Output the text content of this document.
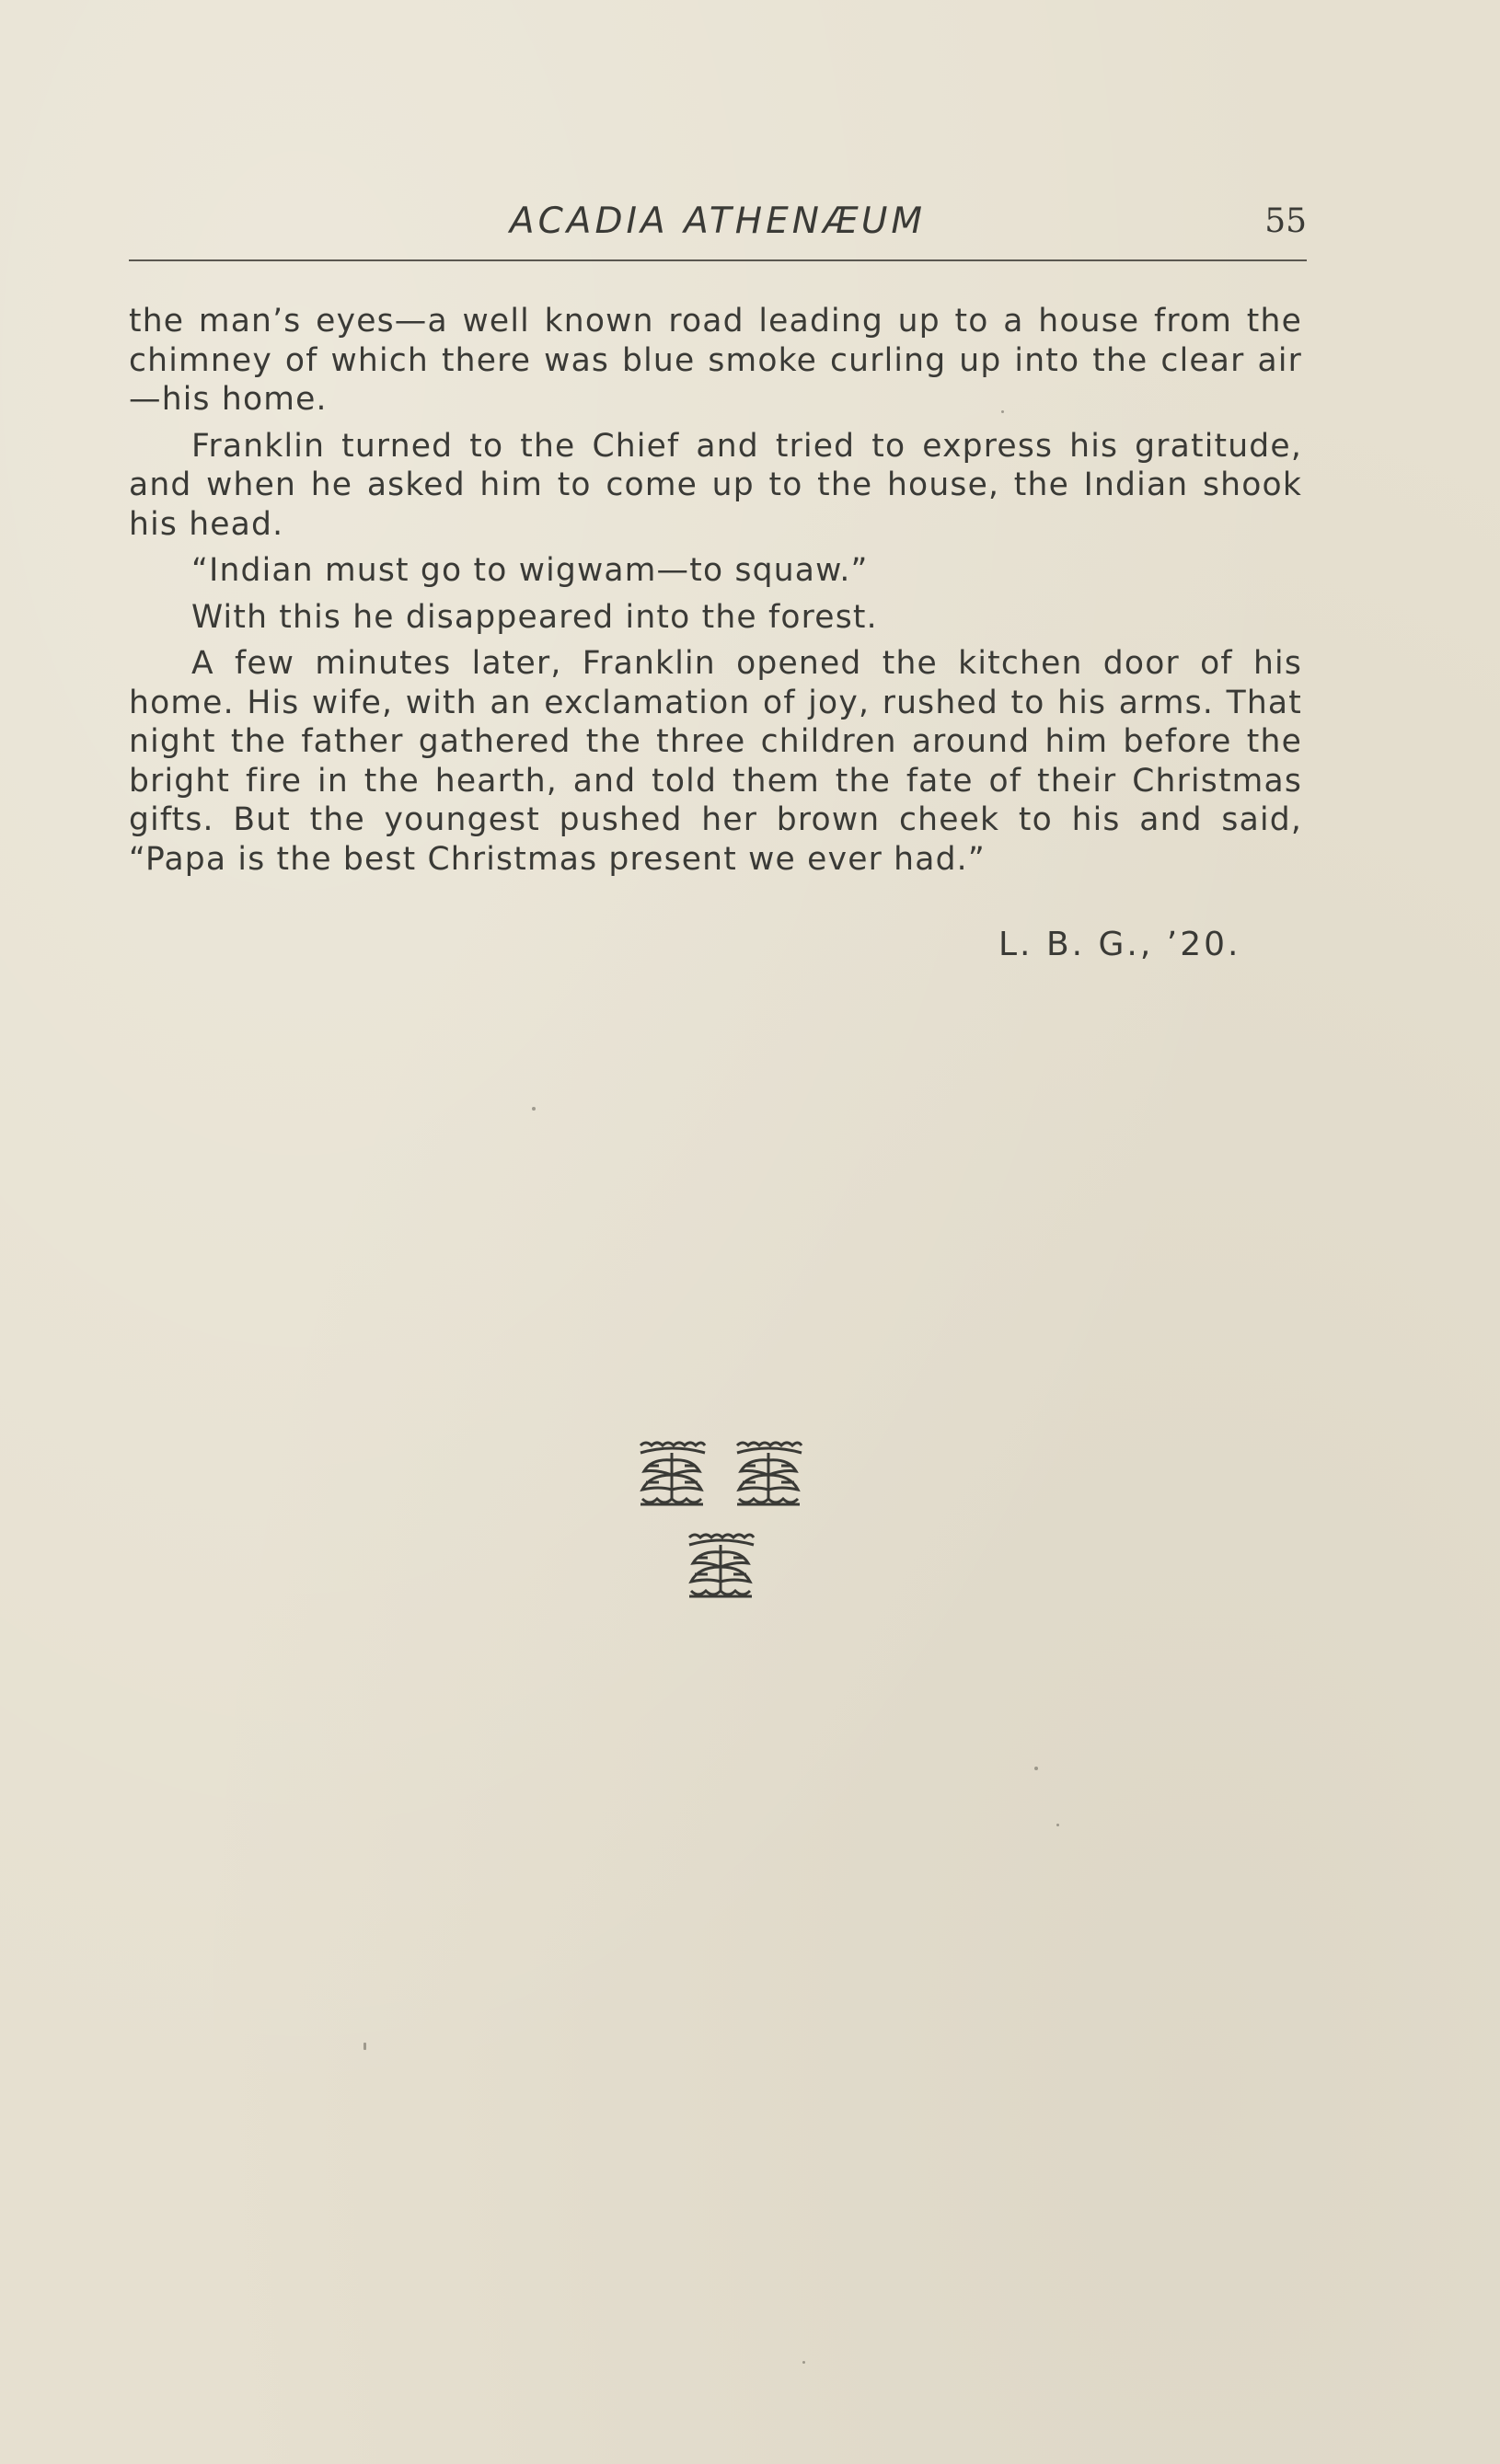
ACADIA ATHENÆUM	55

the man’s eyes—a well known road leading up to a house from the chimney of which there was blue smoke curling up into the clear air—his home.

Franklin turned to the Chief and tried to express his gratitude, and when he asked him to come up to the house, the Indian shook his head.

“Indian must go to wigwam—to squaw.”

With this he disappeared into the forest.

A few minutes later, Franklin opened the kitchen door of his home. His wife, with an exclamation of joy, rushed to his arms. That night the father gathered the three children around him before the bright fire in the hearth, and told them the fate of their Christmas gifts. But the youngest pushed her brown cheek to his and said, “Papa is the best Christmas present we ever had.”

L. B. G., ’20.
